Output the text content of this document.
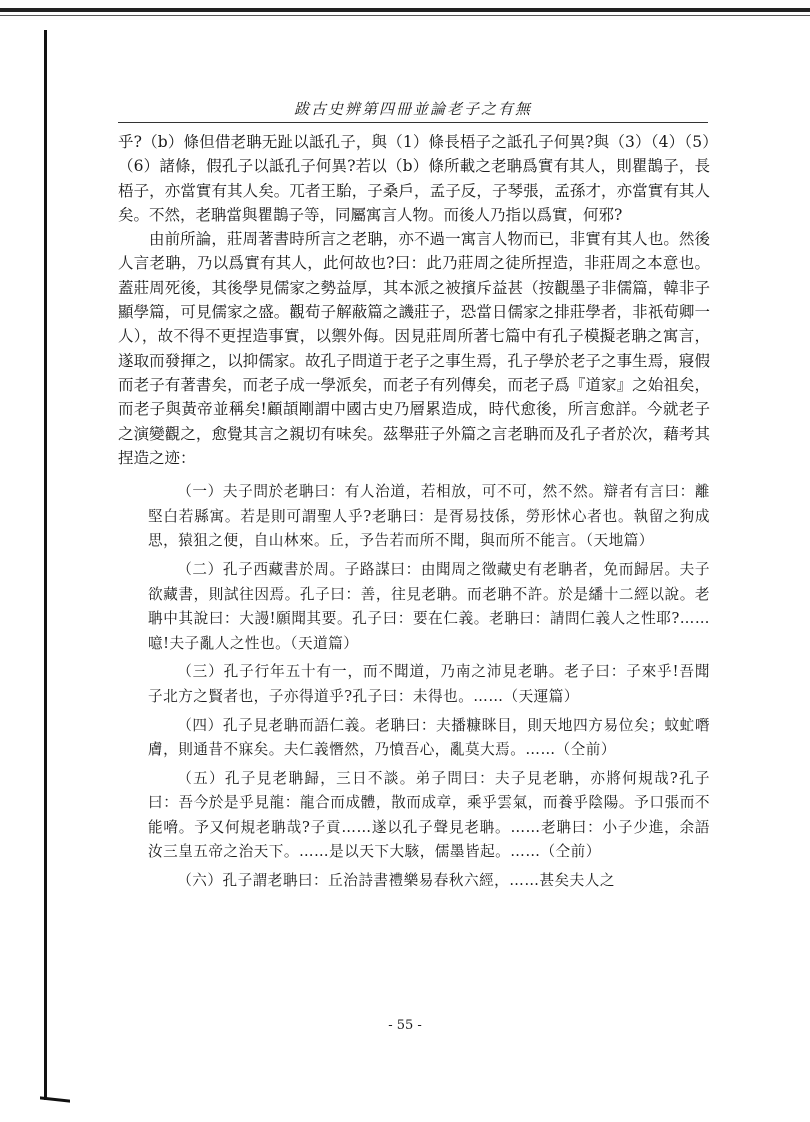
跋古史辨第四冊並論老子之有無

乎?（b）條但借老聃无趾以詆孔子，與（1）條長梧子之詆孔子何異?與（3）（4）（5）（6）諸條，假孔子以詆孔子何異?若以（b）條所載之老聃爲實有其人，則瞿鵲子，長梧子，亦當實有其人矣。兀者王駘，子桑戶，孟子反，子琴張，孟孫才，亦當實有其人矣。不然，老聃當與瞿鵲子等，同屬寓言人物。而後人乃指以爲實，何邪?

由前所論，莊周著書時所言之老聃，亦不過一寓言人物而已，非實有其人也。然後人言老聃，乃以爲實有其人，此何故也?曰：此乃莊周之徒所捏造，非莊周之本意也。蓋莊周死後，其後學見儒家之勢益厚，其本派之被擯斥益甚（按觀墨子非儒篇，韓非子顯學篇，可見儒家之盛。觀荀子解蔽篇之譏莊子，恐當日儒家之排莊學者，非祇荀卿一人），故不得不更捏造事實，以禦外侮。因見莊周所著七篇中有孔子模擬老聃之寓言，遂取而發揮之，以抑儒家。故孔子問道于老子之事生焉，孔子學於老子之事生焉，寢假而老子有著書矣，而老子成一學派矣，而老子有列傳矣，而老子爲『道家』之始祖矣，而老子與黃帝並稱矣!顧頡剛謂中國古史乃層累造成，時代愈後，所言愈詳。今就老子之演變觀之，愈覺其言之親切有味矣。茲舉莊子外篇之言老聃而及孔子者於次，藉考其捏造之迹：

（一）夫子問於老聃曰：有人治道，若相放，可不可，然不然。辯者有言曰：離堅白若縣寓。若是則可謂聖人乎?老聃曰：是胥易技係，勞形怵心者也。執留之狗成思，猿狙之便，自山林來。丘，予告若而所不聞，與而所不能言。（天地篇）

（二）孔子西藏書於周。子路謀曰：由聞周之徵藏史有老聃者，免而歸居。夫子欲藏書，則試往因焉。孔子曰：善，往見老聃。而老聃不許。於是繙十二經以說。老聃中其說曰：大謾!願聞其要。孔子曰：要在仁義。老聃曰：請問仁義人之性耶?……噫!夫子亂人之性也。（天道篇）

（三）孔子行年五十有一，而不聞道，乃南之沛見老聃。老子曰：子來乎!吾聞子北方之賢者也，子亦得道乎?孔子曰：未得也。……（天運篇）

（四）孔子見老聃而語仁義。老聃曰：夫播糠眯目，則天地四方易位矣；蚊虻噆膚，則通昔不寐矣。夫仁義憯然，乃憤吾心，亂莫大焉。……（仝前）

（五）孔子見老聃歸，三日不談。弟子問曰：夫子見老聃，亦將何規哉?孔子曰：吾今於是乎見龍：龍合而成體，散而成章，乘乎雲氣，而養乎陰陽。予口張而不能嗋。予又何規老聃哉?子貢……遂以孔子聲見老聃。……老聃曰：小子少進，余語汝三皇五帝之治天下。……是以天下大駭，儒墨皆起。……（仝前）

（六）孔子謂老聃曰：丘治詩書禮樂易春秋六經，……甚矣夫人之

- 55 -
